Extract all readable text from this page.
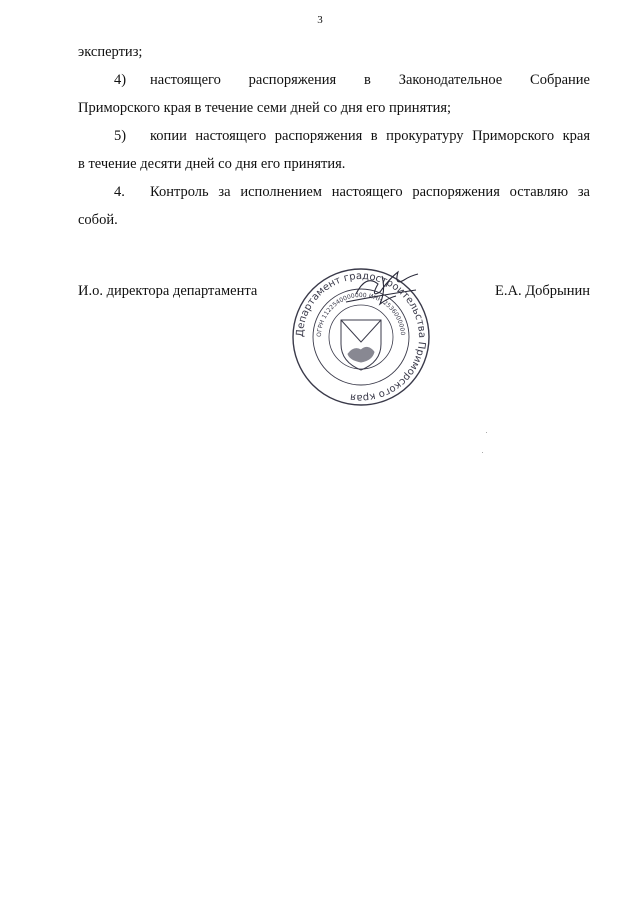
3
экспертиз;
4) настоящего распоряжения в Законодательное Собрание
Приморского края в течение семи дней со дня его принятия;
5) копии настоящего распоряжения в прокуратуру Приморского края
в течение десяти дней со дня его принятия.
4. Контроль за исполнением настоящего распоряжения оставляю за
собой.
И.о. директора департамента	Е.А. Добрынин
Департамент градостроительства Приморского края
ОГРН 1122540000000 ИНН 2536000000
